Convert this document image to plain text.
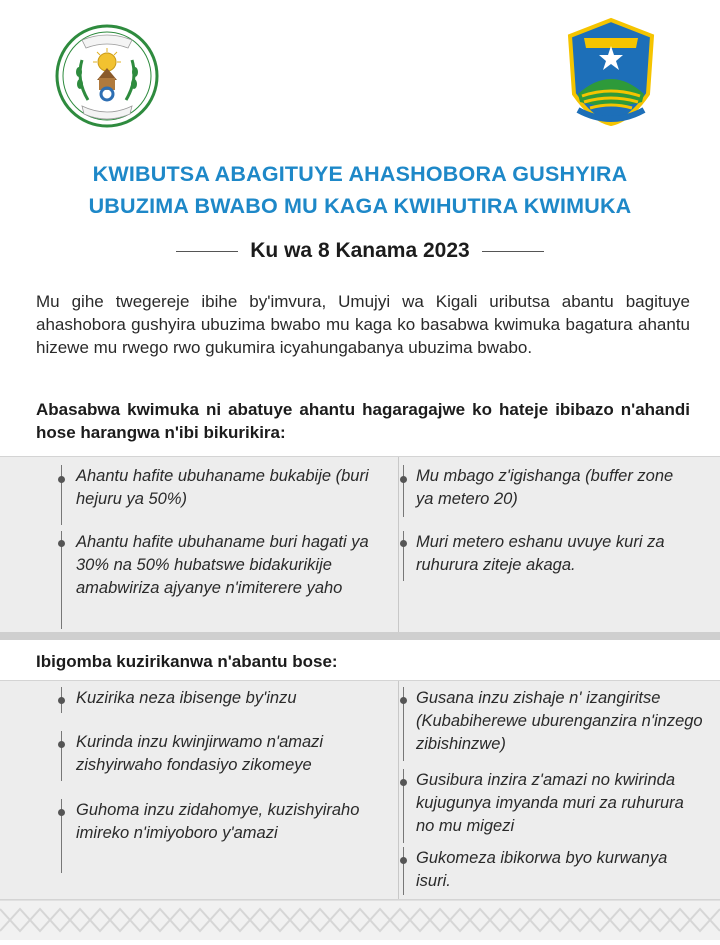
KWIBUTSA ABAGITUYE AHASHOBORA GUSHYIRA
UBUZIMA BWABO MU KAGA KWIHUTIRA KWIMUKA
Ku wa 8 Kanama 2023
Mu gihe twegereje ibihe by'imvura, Umujyi wa Kigali uributsa abantu bagituye ahashobora gushyira ubuzima bwabo mu kaga ko basabwa kwimuka bagatura ahantu hizewe mu rwego rwo gukumira icyahungabanya ubuzima bwabo.
Abasabwa kwimuka ni abatuye ahantu hagaragajwe ko hateje ibibazo n'ahandi hose harangwa n'ibi bikurikira:
Ahantu hafite ubuhaname bukabije (buri hejuru ya 50%)
Ahantu hafite ubuhaname buri hagati ya 30% na 50% hubatswe bidakurikije amabwiriza ajyanye n'imiterere yaho
Mu mbago z'igishanga (buffer zone ya metero 20)
Muri metero eshanu uvuye kuri za ruhurura ziteje akaga.
Ibigomba kuzirikanwa n'abantu bose:
Kuzirika neza ibisenge by'inzu
Kurinda inzu kwinjirwamo n'amazi zishyirwaho fondasiyo zikomeye
Guhoma inzu zidahomye, kuzishyiraho imireko n'imiyoboro y'amazi
Gusana inzu zishaje n' izangiritse (Kubabiherewe uburenganzira n'inzego zibishinzwe)
Gusibura inzira z'amazi no kwirinda kujugunya imyanda muri za ruhurura no mu migezi
Gukomeza ibikorwa byo kurwanya isuri.
